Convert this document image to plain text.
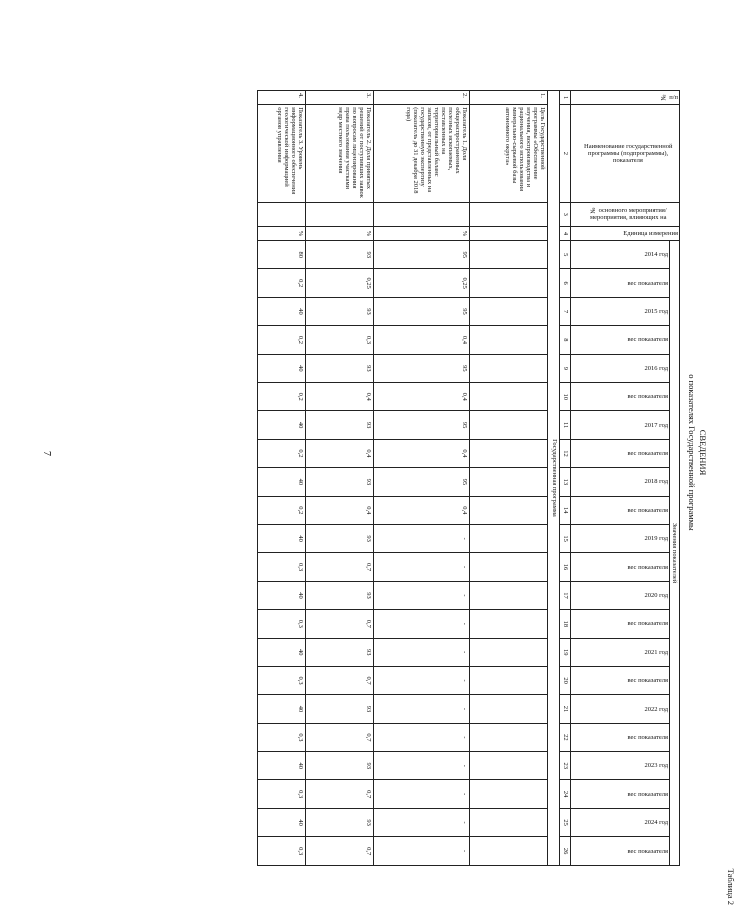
7
Таблица 2
СВЕДЕНИЯ
о показателях Государственной программы
№ п/п	Наименование государственной программы (подпрограммы), показателя	№ основного мероприятия/ мероприятия, влияющих на	Единица измерения	Значения показателей																					
				2014 год	вес показателя	2015 год	вес показателя	2016 год	вес показателя	2017 год	вес показателя	2018 год	вес показателя	2019 год	вес показателя	2020 год	вес показателя	2021 год	вес показателя	2022 год	вес показателя	2023 год	вес показателя	2024 год	вес показателя

1	2	3	4	5	6	7	8	9	10	11	12	13	14	15	16	17	18	19	20	21	22	23	24	25	26
Государственная программа																									
1.	Цель Государственной программы «Обеспечение изучения, воспроизводства и рационального использования минерально-сырьевой базы автономного округа»																								
2.	Показатель 1. Доля общераспространенных полезных ископаемых, поставленных на территориальный баланс запасов, от представленных на государственную экспертизу (показатель до 31 декабря 2018 года)		%	95	0,25	95	0,4	95	0,4	95	0,4	95	0,4	-	-	-	-	-	-	-	-	-	-	-	-
3.	Показатель 2. Доля принятых решений от поступивших заявок по вопросам лицензирования права пользования участками недр местного значения		%	93	0,25	93	0,3	93	0,4	93	0,4	93	0,4	93	0,7	93	0,7	93	0,7	93	0,7	93	0,7	93	0,7
4.	Показатель 3. Уровень информационного обеспечения геологической информацией органов управления		%	80	0,2	40	0,2	40	0,2	40	0,2	40	0,2	40	0,3	40	0,3	40	0,3	40	0,3	40	0,3	40	0,3
